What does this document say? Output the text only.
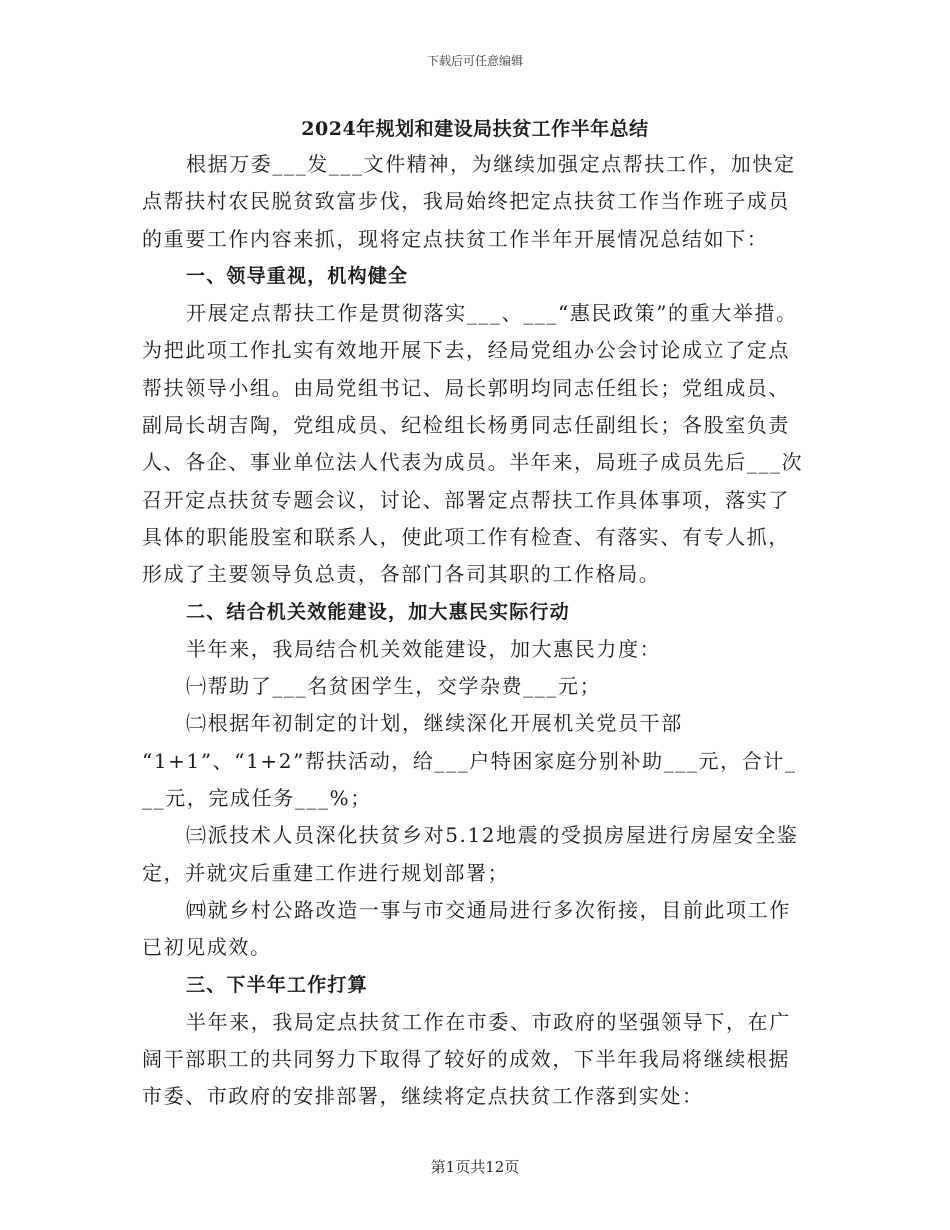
下载后可任意编辑
2024年规划和建设局扶贫工作半年总结
根据万委___发___文件精神，为继续加强定点帮扶工作，加快定
点帮扶村农民脱贫致富步伐，我局始终把定点扶贫工作当作班子成员
的重要工作内容来抓，现将定点扶贫工作半年开展情况总结如下：
一、领导重视，机构健全
开展定点帮扶工作是贯彻落实___、___“惠民政策”的重大举措。
为把此项工作扎实有效地开展下去，经局党组办公会讨论成立了定点
帮扶领导小组。由局党组书记、局长郭明均同志任组长；党组成员、
副局长胡吉陶，党组成员、纪检组长杨勇同志任副组长；各股室负责
人、各企、事业单位法人代表为成员。半年来，局班子成员先后___次
召开定点扶贫专题会议，讨论、部署定点帮扶工作具体事项，落实了
具体的职能股室和联系人，使此项工作有检查、有落实、有专人抓，
形成了主要领导负总责，各部门各司其职的工作格局。
二、结合机关效能建设，加大惠民实际行动
半年来，我局结合机关效能建设，加大惠民力度：
㈠帮助了___名贫困学生，交学杂费___元；
㈡根据年初制定的计划，继续深化开展机关党员干部
“1+1”、“1+2”帮扶活动，给___户特困家庭分别补助___元，合计_
__元，完成任务___%；
㈢派技术人员深化扶贫乡对5.12地震的受损房屋进行房屋安全鉴
定，并就灾后重建工作进行规划部署；
㈣就乡村公路改造一事与市交通局进行多次衔接，目前此项工作
已初见成效。
三、下半年工作打算
半年来，我局定点扶贫工作在市委、市政府的坚强领导下，在广
阔干部职工的共同努力下取得了较好的成效，下半年我局将继续根据
市委、市政府的安排部署，继续将定点扶贫工作落到实处：
第1页共12页
